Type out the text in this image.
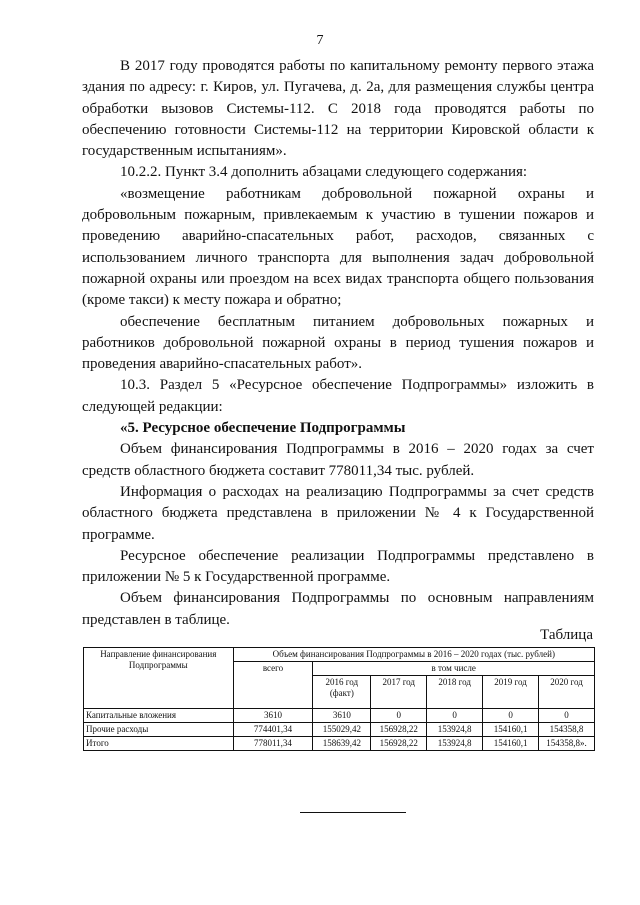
7

В 2017 году проводятся работы по капитальному ремонту первого этажа здания по адресу: г. Киров, ул. Пугачева, д. 2а, для размещения службы центра обработки вызовов Системы-112. С 2018 года проводятся работы по обеспечению готовности Системы-112 на территории Кировской области к государственным испытаниям».

10.2.2. Пункт 3.4 дополнить абзацами следующего содержания:

«возмещение работникам добровольной пожарной охраны и добровольным пожарным, привлекаемым к участию в тушении пожаров и проведению аварийно-спасательных работ, расходов, связанных с использованием личного транспорта для выполнения задач добровольной пожарной охраны или проездом на всех видах транспорта общего пользования (кроме такси) к месту пожара и обратно;

обеспечение бесплатным питанием добровольных пожарных и работников добровольной пожарной охраны в период тушения пожаров и проведения аварийно-спасательных работ».

10.3. Раздел 5 «Ресурсное обеспечение Подпрограммы» изложить в следующей редакции:

«5. Ресурсное обеспечение Подпрограммы

Объем финансирования Подпрограммы в 2016 – 2020 годах за счет средств областного бюджета составит 778011,34 тыс. рублей.

Информация о расходах на реализацию Подпрограммы за счет средств областного бюджета представлена в приложении № 4 к Государственной программе.

Ресурсное обеспечение реализации Подпрограммы представлено в приложении № 5 к Государственной программе.

Объем финансирования Подпрограммы по основным направлениям представлен в таблице.

Таблица
Направление финансирования Подпрограммы	Объем финансирования Подпрограммы в 2016 – 2020 годах (тыс. рублей)					
	всего	в том числе				
		2016 год (факт)	2017 год	2018 год	2019 год	2020 год
Капитальные вложения	3610	3610	0	0	0	0
Прочие расходы	774401,34	155029,42	156928,22	153924,8	154160,1	154358,8
Итого	778011,34	158639,42	156928,22	153924,8	154160,1	154358,8».
